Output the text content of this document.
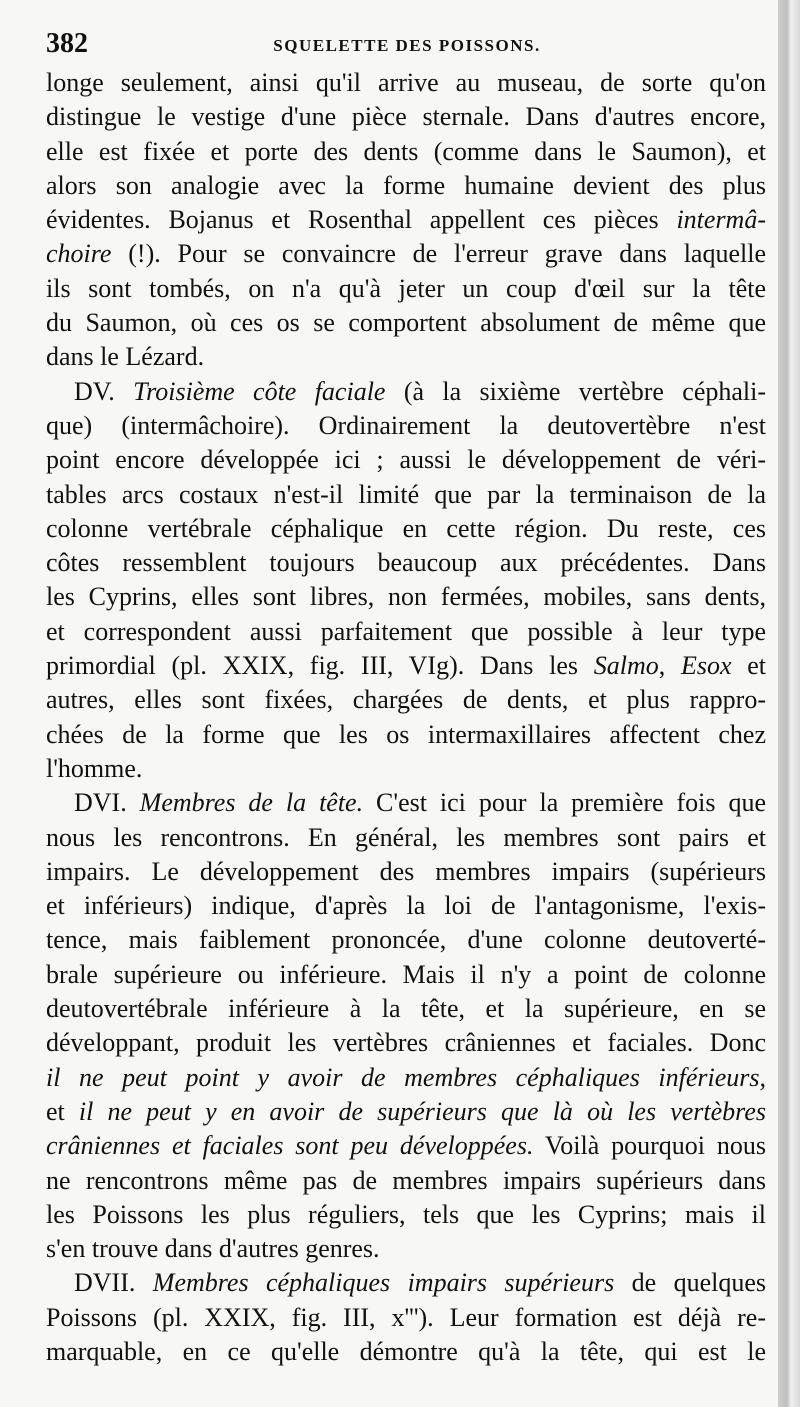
382	SQUELETTE DES POISSONS.
longe seulement, ainsi qu'il arrive au museau, de sorte qu'on
distingue le vestige d'une pièce sternale. Dans d'autres encore,
elle est fixée et porte des dents (comme dans le Saumon), et
alors son analogie avec la forme humaine devient des plus
évidentes. Bojanus et Rosenthal appellent ces pièces intermâ-
choire (!). Pour se convaincre de l'erreur grave dans laquelle
ils sont tombés, on n'a qu'à jeter un coup d'œil sur la tête
du Saumon, où ces os se comportent absolument de même que
dans le Lézard.
DV. Troisième côte faciale (à la sixième vertèbre céphali-
que) (intermâchoire). Ordinairement la deutovertèbre n'est
point encore développée ici ; aussi le développement de véri-
tables arcs costaux n'est-il limité que par la terminaison de la
colonne vertébrale céphalique en cette région. Du reste, ces
côtes ressemblent toujours beaucoup aux précédentes. Dans
les Cyprins, elles sont libres, non fermées, mobiles, sans dents,
et correspondent aussi parfaitement que possible à leur type
primordial (pl. XXIX, fig. III, VIg). Dans les Salmo, Esox et
autres, elles sont fixées, chargées de dents, et plus rappro-
chées de la forme que les os intermaxillaires affectent chez
l'homme.
DVI. Membres de la tête. C'est ici pour la première fois que
nous les rencontrons. En général, les membres sont pairs et
impairs. Le développement des membres impairs (supérieurs
et inférieurs) indique, d'après la loi de l'antagonisme, l'exis-
tence, mais faiblement prononcée, d'une colonne deutoverté-
brale supérieure ou inférieure. Mais il n'y a point de colonne
deutovertébrale inférieure à la tête, et la supérieure, en se
développant, produit les vertèbres crâniennes et faciales. Donc
il ne peut point y avoir de membres céphaliques inférieurs,
et il ne peut y en avoir de supérieurs que là où les vertèbres
crâniennes et faciales sont peu développées. Voilà pourquoi nous
ne rencontrons même pas de membres impairs supérieurs dans
les Poissons les plus réguliers, tels que les Cyprins; mais il
s'en trouve dans d'autres genres.
DVII. Membres céphaliques impairs supérieurs de quelques
Poissons (pl. XXIX, fig. III, x'''). Leur formation est déjà re-
marquable, en ce qu'elle démontre qu'à la tête, qui est le
